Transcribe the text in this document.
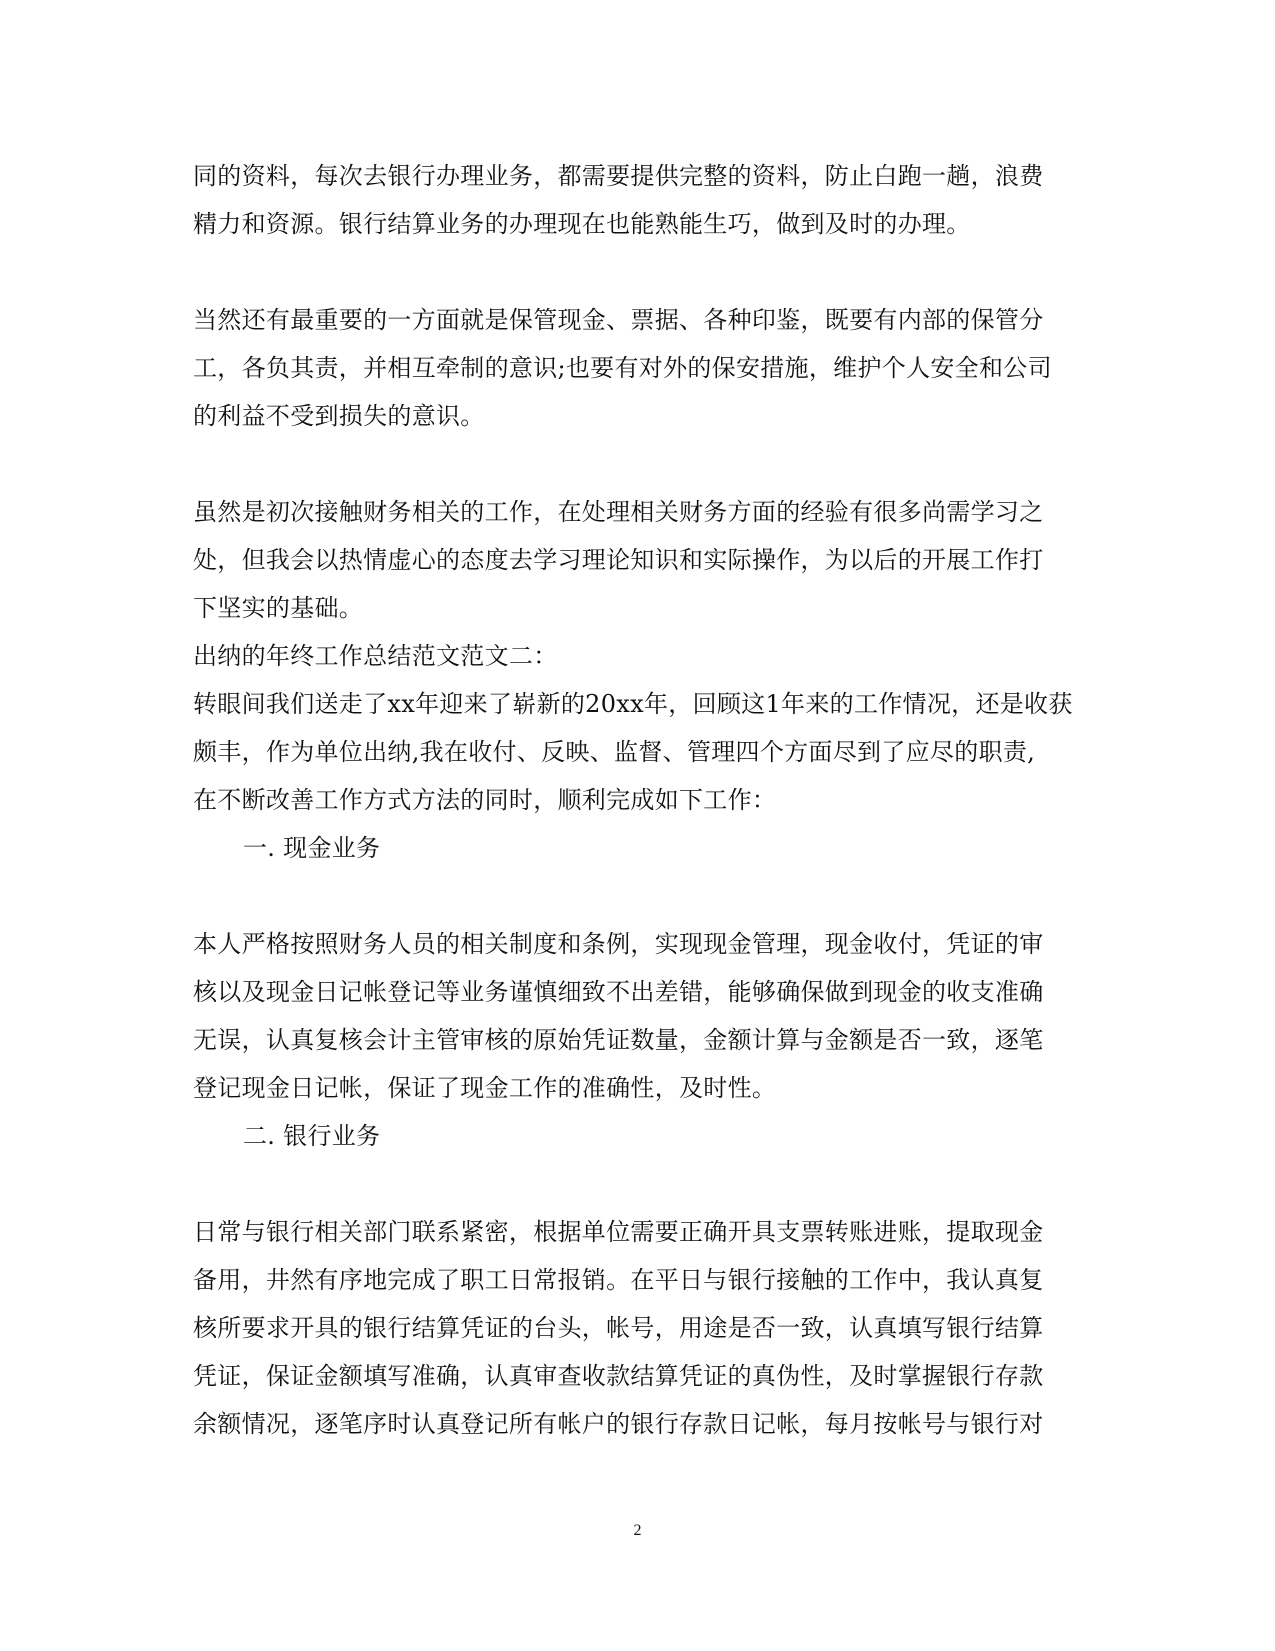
同的资料，每次去银行办理业务，都需要提供完整的资料，防止白跑一趟，浪费
精力和资源。银行结算业务的办理现在也能熟能生巧，做到及时的办理。
当然还有最重要的一方面就是保管现金、票据、各种印鉴，既要有内部的保管分
工，各负其责，并相互牵制的意识;也要有对外的保安措施，维护个人安全和公司
的利益不受到损失的意识。
虽然是初次接触财务相关的工作，在处理相关财务方面的经验有很多尚需学习之
处，但我会以热情虚心的态度去学习理论知识和实际操作，为以后的开展工作打
下坚实的基础。
出纳的年终工作总结范文范文二：
转眼间我们送走了xx年迎来了崭新的20xx年，回顾这1年来的工作情况，还是收获
颇丰，作为单位出纳,我在收付、反映、监督、管理四个方面尽到了应尽的职责,
在不断改善工作方式方法的同时，顺利完成如下工作：
一. 现金业务
本人严格按照财务人员的相关制度和条例，实现现金管理，现金收付，凭证的审
核以及现金日记帐登记等业务谨慎细致不出差错，能够确保做到现金的收支准确
无误，认真复核会计主管审核的原始凭证数量，金额计算与金额是否一致，逐笔
登记现金日记帐，保证了现金工作的准确性，及时性。
二. 银行业务
日常与银行相关部门联系紧密，根据单位需要正确开具支票转账进账，提取现金
备用，井然有序地完成了职工日常报销。在平日与银行接触的工作中，我认真复
核所要求开具的银行结算凭证的台头，帐号，用途是否一致，认真填写银行结算
凭证，保证金额填写准确，认真审查收款结算凭证的真伪性，及时掌握银行存款
余额情况，逐笔序时认真登记所有帐户的银行存款日记帐，每月按帐号与银行对
2
